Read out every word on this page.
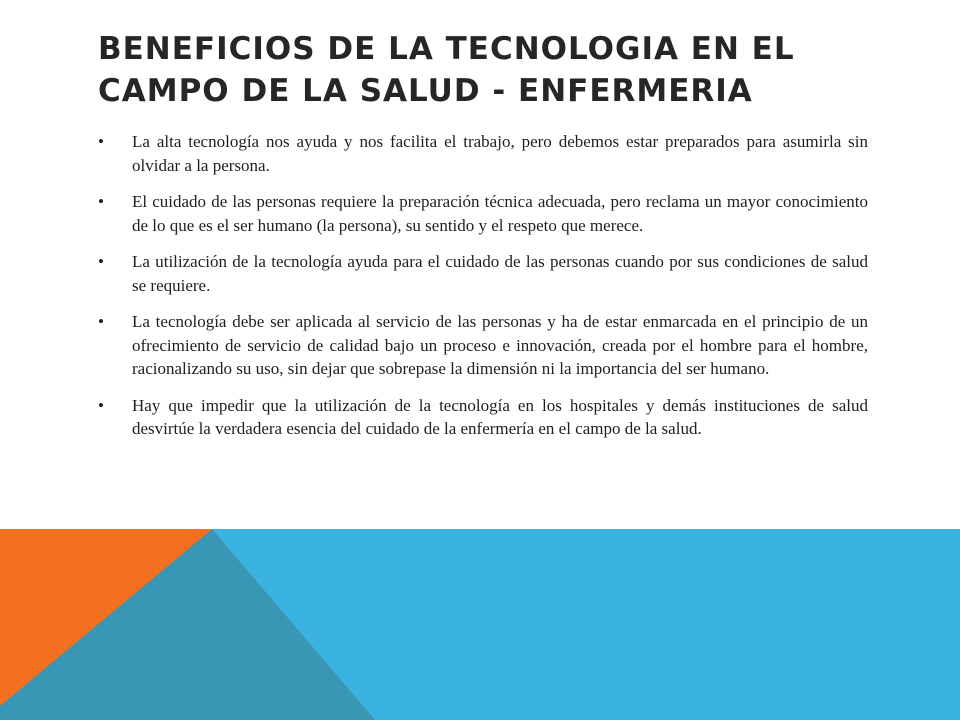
BENEFICIOS DE LA TECNOLOGIA EN EL CAMPO DE LA SALUD - ENFERMERIA
•	La alta tecnología nos ayuda y nos facilita el trabajo, pero debemos estar preparados para asumirla sin olvidar a la persona.
•	El cuidado de las personas requiere la preparación técnica adecuada, pero reclama un mayor conocimiento de lo que es el ser humano (la persona), su sentido y el respeto que merece.
•	La utilización de la tecnología ayuda para el cuidado de las personas cuando por sus condiciones de salud se requiere.
•	La tecnología debe ser aplicada al servicio de las personas y ha de estar enmarcada en el principio de un ofrecimiento de servicio de calidad bajo un proceso e innovación, creada por el hombre para el hombre, racionalizando su uso, sin dejar que sobrepase la dimensión ni la importancia del ser humano.
•	Hay que impedir que la utilización de la tecnología en los hospitales y demás instituciones de salud desvirtúe la verdadera esencia del cuidado de la enfermería en el campo de la salud.
